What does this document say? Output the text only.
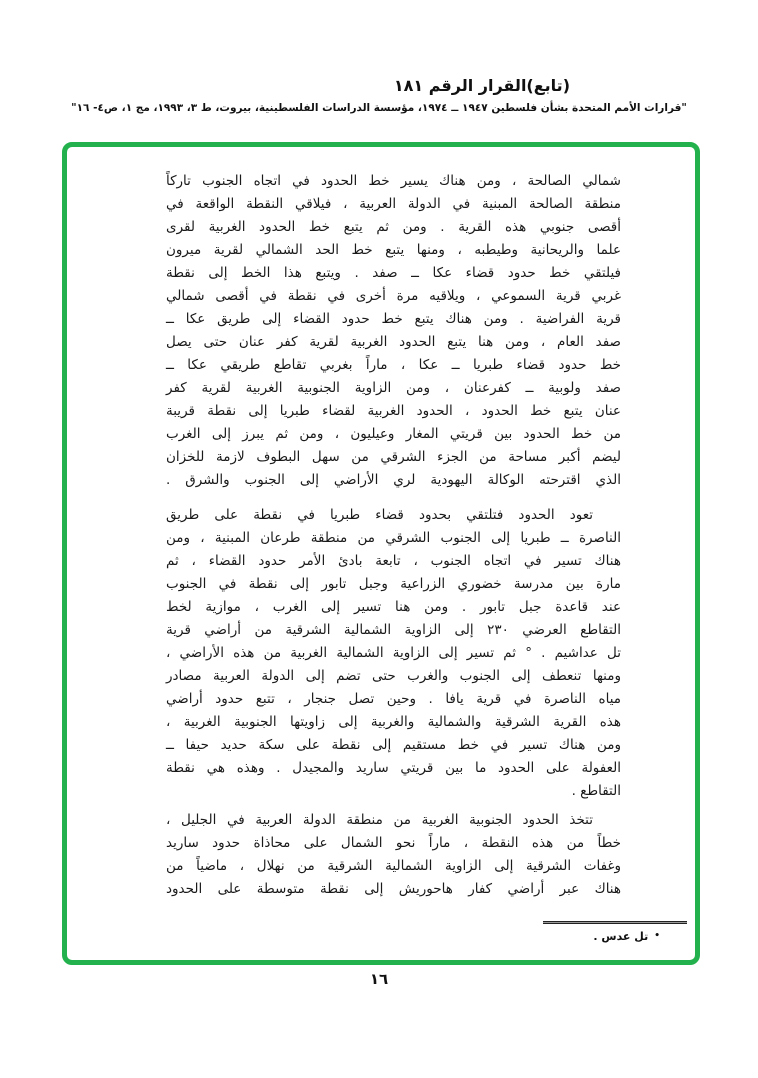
(تابع)القرار الرقم ١٨١
"قرارات الأمم المتحدة بشأن فلسطين ١٩٤٧ ــ ١٩٧٤، مؤسسة الدراسات الفلسطينية، بيروت، ط ٣، ١٩٩٣، مج ١، ص٤- ١٦"
شمالي الصالحة ، ومن هناك يسير خط الحدود في اتجاه الجنوب تاركاً
منطقة الصالحة المبنية في الدولة العربية ، فيلاقي النقطة الواقعة في
أقصى جنوبي هذه القرية . ومن ثم يتبع خط الحدود الغربية لقرى
علما والريحانية وطيطبه ، ومنها يتبع خط الحد الشمالي لقرية ميرون
فيلتقي خط حدود قضاء عكا ــ صفد . ويتبع هذا الخط إلى نقطة
غربي قرية السموعي ، ويلاقيه مرة أخرى في نقطة في أقصى شمالي
قرية الفراضية . ومن هناك يتبع خط حدود القضاء إلى طريق عكا ــ
صفد العام ، ومن هنا يتبع الحدود الغربية لقرية كفر عنان حتى يصل
خط حدود قضاء طبريا ــ عكا ، ماراً بغربي تقاطع طريقي عكا ــ
صفد ولوبية ــ كفرعنان ، ومن الزاوية الجنوبية الغربية لقرية كفر
عنان يتبع خط الحدود ، الحدود الغربية لقضاء طبريا إلى نقطة قريبة
من خط الحدود بين قريتي المغار وعيليون ، ومن ثم يبرز إلى الغرب
ليضم أكبر مساحة من الجزء الشرقي من سهل البطوف لازمة للخزان
الذي اقترحته الوكالة اليهودية لري الأراضي إلى الجنوب والشرق .
تعود الحدود فتلتقي بحدود قضاء طبريا في نقطة على طريق
الناصرة ــ طبريا إلى الجنوب الشرقي من منطقة طرعان المبنية ، ومن
هناك تسير في اتجاه الجنوب ، تابعة بادئ الأمر حدود القضاء ، ثم
مارة بين مدرسة خضوري الزراعية وجبل تابور إلى نقطة في الجنوب
عند قاعدة جبل تابور . ومن هنا تسير إلى الغرب ، موازية لخط
التقاطع العرضي ٢٣٠ إلى الزاوية الشمالية الشرقية من أراضي قرية
تل عداشيم . ° ثم تسير إلى الزاوية الشمالية الغربية من هذه الأراضي ،
ومنها تنعطف إلى الجنوب والغرب حتى تضم إلى الدولة العربية مصادر
مياه الناصرة في قرية يافا . وحين تصل جنجار ، تتبع حدود أراضي
هذه القرية الشرقية والشمالية والغربية إلى زاويتها الجنوبية الغربية ،
ومن هناك تسير في خط مستقيم إلى نقطة على سكة حديد حيفا ــ
العفولة على الحدود ما بين قريتي ساريد والمجيدل . وهذه هي نقطة
التقاطع .
تتخذ الحدود الجنوبية الغربية من منطقة الدولة العربية في الجليل ،
خطاً من هذه النقطة ، ماراً نحو الشمال على محاذاة حدود ساريد
وغفات الشرقية إلى الزاوية الشمالية الشرقية من نهلال ، ماضياً من
هناك عبر أراضي كفار هاحوريش إلى نقطة متوسطة على الحدود
•تل عدس .
١٦
